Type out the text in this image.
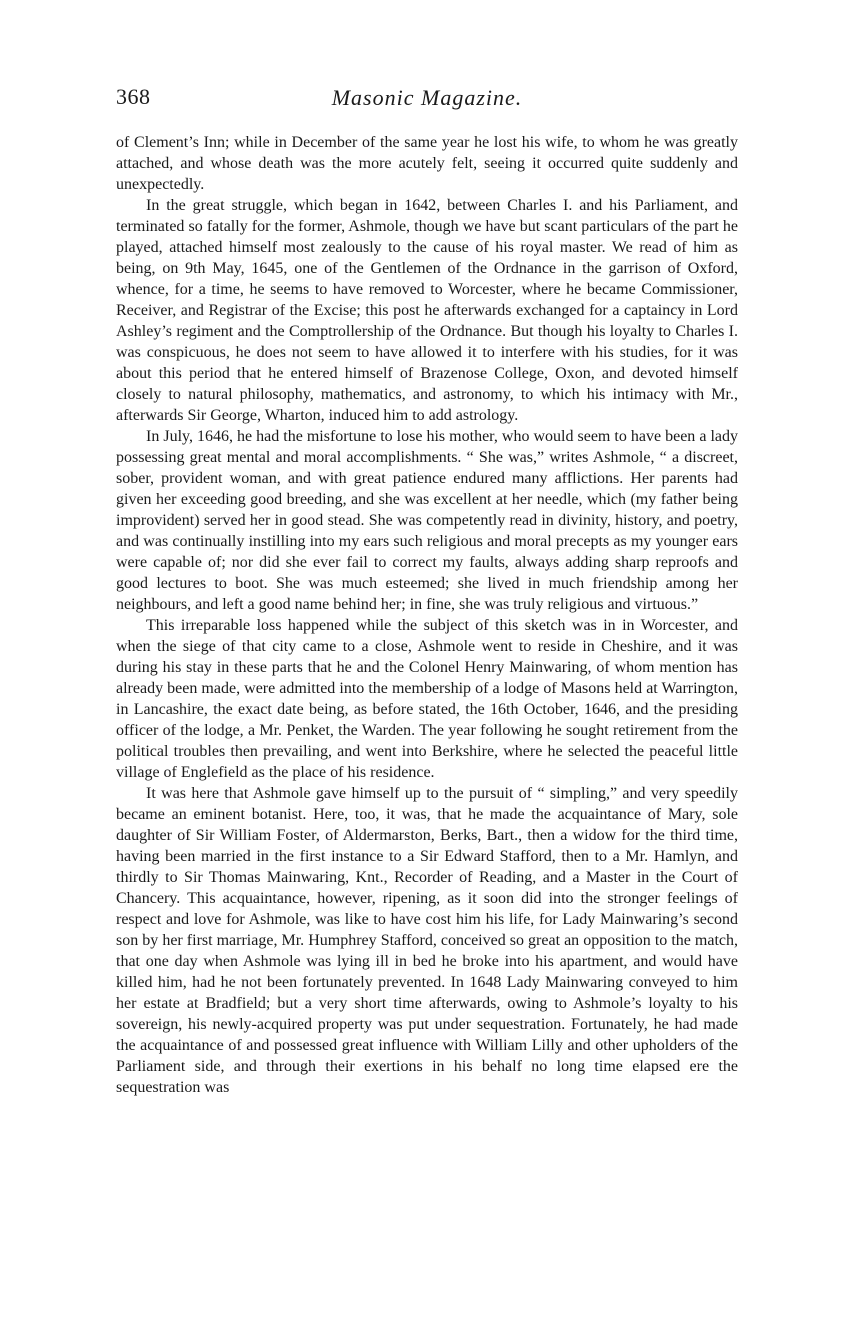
368	Masonic Magazine.

of Clement’s Inn; while in December of the same year he lost his wife, to whom he was greatly attached, and whose death was the more acutely felt, seeing it occurred quite suddenly and unexpectedly.

In the great struggle, which began in 1642, between Charles I. and his Parliament, and terminated so fatally for the former, Ashmole, though we have but scant particulars of the part he played, attached himself most zealously to the cause of his royal master. We read of him as being, on 9th May, 1645, one of the Gentlemen of the Ordnance in the garrison of Oxford, whence, for a time, he seems to have removed to Worcester, where he became Commissioner, Receiver, and Registrar of the Excise; this post he afterwards exchanged for a captaincy in Lord Ashley’s regiment and the Comptrollership of the Ordnance. But though his loyalty to Charles I. was conspicuous, he does not seem to have allowed it to interfere with his studies, for it was about this period that he entered himself of Brazenose College, Oxon, and devoted himself closely to natural philosophy, mathematics, and astronomy, to which his intimacy with Mr., afterwards Sir George, Wharton, induced him to add astrology.

In July, 1646, he had the misfortune to lose his mother, who would seem to have been a lady possessing great mental and moral accomplishments. “ She was,” writes Ashmole, “ a discreet, sober, provident woman, and with great patience endured many afflictions. Her parents had given her exceeding good breeding, and she was excellent at her needle, which (my father being improvident) served her in good stead. She was competently read in divinity, history, and poetry, and was continually instilling into my ears such religious and moral precepts as my younger ears were capable of; nor did she ever fail to correct my faults, always adding sharp reproofs and good lectures to boot. She was much esteemed; she lived in much friendship among her neighbours, and left a good name behind her; in fine, she was truly religious and virtuous.”

This irreparable loss happened while the subject of this sketch was in in Worcester, and when the siege of that city came to a close, Ashmole went to reside in Cheshire, and it was during his stay in these parts that he and the Colonel Henry Mainwaring, of whom mention has already been made, were admitted into the membership of a lodge of Masons held at Warrington, in Lancashire, the exact date being, as before stated, the 16th October, 1646, and the presiding officer of the lodge, a Mr. Penket, the Warden. The year following he sought retirement from the political troubles then prevailing, and went into Berkshire, where he selected the peaceful little village of Englefield as the place of his residence.

It was here that Ashmole gave himself up to the pursuit of “ simpling,” and very speedily became an eminent botanist. Here, too, it was, that he made the acquaintance of Mary, sole daughter of Sir William Foster, of Aldermarston, Berks, Bart., then a widow for the third time, having been married in the first instance to a Sir Edward Stafford, then to a Mr. Hamlyn, and thirdly to Sir Thomas Mainwaring, Knt., Recorder of Reading, and a Master in the Court of Chancery. This acquaintance, however, ripening, as it soon did into the stronger feelings of respect and love for Ashmole, was like to have cost him his life, for Lady Mainwaring’s second son by her first marriage, Mr. Humphrey Stafford, conceived so great an opposition to the match, that one day when Ashmole was lying ill in bed he broke into his apartment, and would have killed him, had he not been fortunately prevented. In 1648 Lady Mainwaring conveyed to him her estate at Bradfield; but a very short time afterwards, owing to Ashmole’s loyalty to his sovereign, his newly-acquired property was put under sequestration. Fortunately, he had made the acquaintance of and possessed great influence with William Lilly and other upholders of the Parliament side, and through their exertions in his behalf no long time elapsed ere the sequestration was
